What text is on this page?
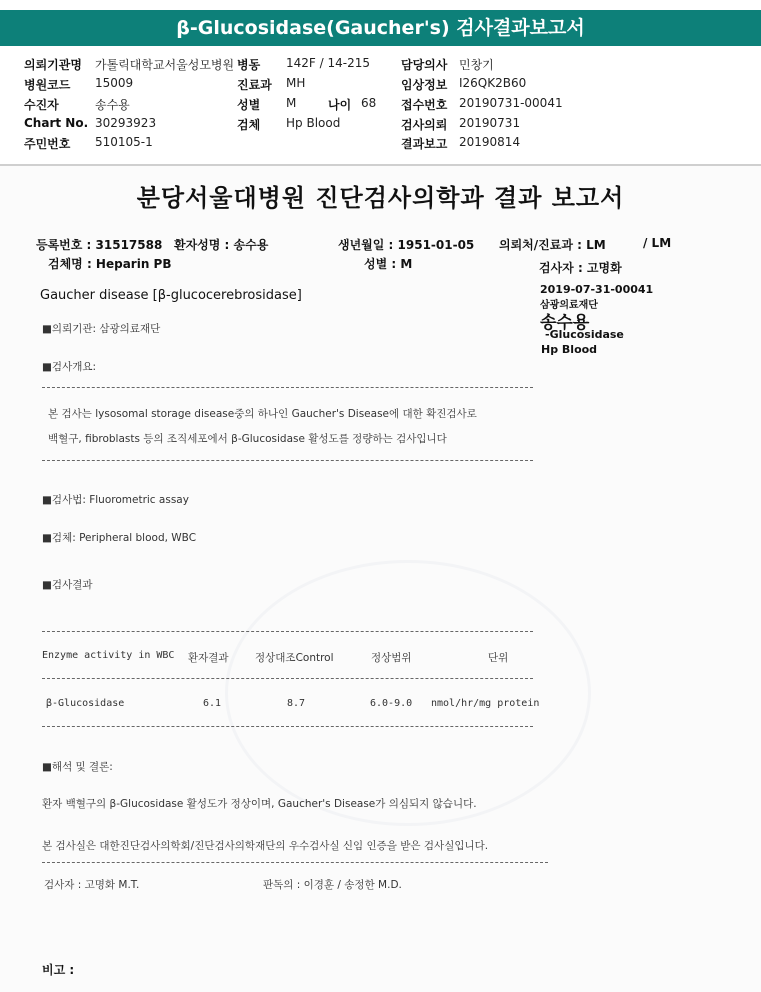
β-Glucosidase(Gaucher's) 검사결과보고서
의뢰기관명 가톨릭대학교서울성모병원 병동 142F / 14-215	담당의사 민창기
병원코드 15009	진료과 MH	임상정보 I26QK2B60
수진자	송수용	성별 M	나이 68 접수번호 20190731-00041
Chart No. 30293923	검체 Hp Blood	검사의뢰 20190731
주민번호 510105-1	결과보고 20190814
분당서울대병원 진단검사의학과 결과 보고서
등록번호 : 31517588 환자성명 : 송수용	생년월일 : 1951-01-05 의뢰처/진료과 : LM	/ LM
검체명 : Heparin PB	성별 : M	검사자 : 고명화
Gaucher disease [β-glucocerebrosidase]	2019-07-31-00041
삼광의료재단
송수용
-Glucosidase
Hp Blood
■의뢰기관: 삼광의료재단
■검사개요:
본 검사는 lysosomal storage disease중의 하나인 Gaucher's Disease에 대한 확진검사로
백혈구, fibroblasts 등의 조직세포에서 β-Glucosidase 활성도를 정량하는 검사입니다
■검사법: Fluorometric assay
■검체: Peripheral blood, WBC
■검사결과
Enzyme activity in WBC 환자결과	정상대조Control	정상범위	단위
β-Glucosidase	6.1	8.7	6.0-9.0 nmol/hr/mg protein
■해석 및 결론:
환자 백혈구의 β-Glucosidase 활성도가 정상이며, Gaucher's Disease가 의심되지 않습니다.
본 검사실은 대한진단검사의학회/진단검사의학재단의 우수검사실 신임 인증을 받은 검사실입니다.
검사자 : 고명화 M.T.	판독의 : 이경훈 / 송정한 M.D.
비고 :
